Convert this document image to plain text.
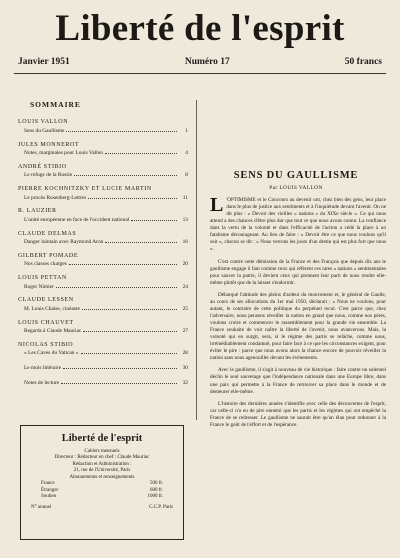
Liberté de l'esprit
Janvier 1951	Numéro 17	50 francs
SOMMAIRE
LOUIS VALLON
Sens du Gaullisme	1
JULES MONNEROT
Notes, marginales pour Louis Vallon	4
ANDRÉ STIBIO
Le refuge de la Russie	8
PIERRE KOCHNITZKY ET LUCIE MARTIN
Le procès Rosenberg-Lettres	11
R. LAUZIER
L'unité européenne en face de l'occident national	13
CLAUDE DELMAS
Danger lointain avec Raymond Aron	16
GILBERT POMADE
Nos classes charges	20
LOUIS PETTAN
Roger Nimier	24
CLAUDE LESSEN
M. Louis Chaise, cinéaste	25
LOUIS CHAUVET
Regards à Claude Mauriac	27
NICOLAS STIBIO
« Les Caves du Vatican »	28
Le mois littéraire	30
Notes de lecture	32
Liberté de l'esprit
Cahiers mensuels
Directeur : Rédacteur en chef : Claude Mauriac
Rédaction et Administration :
21, rue de l'Université, Paris
Abonnements et renseignements
France	500 fr.
Étranger	600 fr.
Soutien	1000 fr.
N° annuel	C.C.P. Paris
SENS DU GAULLISME
Par LOUIS VALLON

L 'OPTIMISME et le Concours au devenir ont, chez bien des gens, leur place dans le plus de justice aux sentiments et à l'inquiétude devant l'avenir. On ne dit plus : « Devoir des vieilles « nations » du XIXe siècle ». Ce qui nous attend a des chances d'être plus dur que tout ce que nous avons connu. La confiance dans la vertu de la volonté et dans l'efficacité de l'action a cédé la place à un fatalisme décourageant. Au lieu de faire : « Devoir être ce que nous voulons qu'il soit », chacun se dit : « Nous verrons les jours d'un destin qui est plus fort que nous ».

C'est contre cette démission de la France et des Français que depuis dix ans le gaullisme engage il faut comme ceux qui réfèrent ces rares « nations » sentimentales pour sauver la patrie, il devient ceux qui prennent leur parti de nous rendre elle-même plutôt que de la laisser s'endormir.

Débarqué l'attitude des pleins d'ardeur du mouvement et, le général de Gaulle, au cours de ses allocutions du 1er mai 1950, déclarait : « Nous ne voulons, pour autant, le contraire de cette politique du perpétuel recul. C'est parce que, chez l'adversaire, nous pensons réveiller la nation en grand que nous, comme nos pères, voulons croire et commencer le rassemblement pour la grande vie ensemble. La France souhaite de voir naître la liberté de l'avenir, nous avancerons. Mais, la volonté qui en surgit, sera, si le régime des partis se relâche, comme nous, irrémédiablement condamné, pour faire face à ce que les circonstances exigent, pour éviter le pire : parce que nous avons alors la chance encore de pouvoir réveiller la nation sans nous agenouiller devant les événements.

Avec le gaullisme, il s'agit à nouveau de vie historique : faire contre un solennel déclin le seul sauvetage que l'indépendance nationale dans une Europe libre, dans une paix qui permette à la France de retrouver sa place dans le monde et de demeurer elle-même.

L'histoire des dernières années s'identifie avec celle des découvertes de l'esprit, car celle-ci n'a eu de pire ennemi que les partis et les régimes qui ont empêché la France de se redresser. Le gaullisme ne saurait être qu'un élan pour redonner à la France le goût de l'effort et de l'espérance.
